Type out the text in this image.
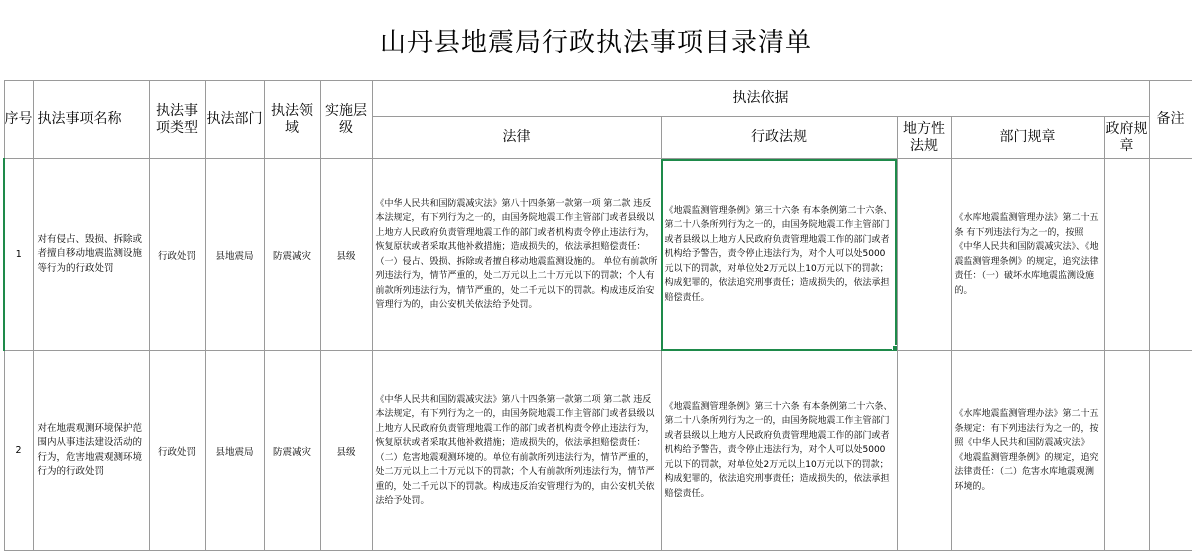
山丹县地震局行政执法事项目录清单
序号	执法事项名称	执法事项类型	执法部门	执法领域	实施层级	执法依据					备注
						法律	行政法规	地方性法规	部门规章	政府规章	
1	对有侵占、毁损、拆除或者擅自移动地震监测设施等行为的行政处罚	行政处罚	县地震局	防震减灾	县级	《中华人民共和国防震减灾法》第八十四条第一款第一项 第二款 违反本法规定，有下列行为之一的，由国务院地震工作主管部门或者县级以上地方人民政府负责管理地震工作的部门或者机构责令停止违法行为，恢复原状或者采取其他补救措施；造成损失的，依法承担赔偿责任：（一）侵占、毁损、拆除或者擅自移动地震监测设施的。 单位有前款所列违法行为，情节严重的，处二万元以上二十万元以下的罚款；个人有前款所列违法行为，情节严重的，处二千元以下的罚款。构成违反治安管理行为的，由公安机关依法给予处罚。	《地震监测管理条例》第三十六条 有本条例第二十六条、第二十八条所列行为之一的，由国务院地震工作主管部门或者县级以上地方人民政府负责管理地震工作的部门或者机构给予警告，责令停止违法行为，对个人可以处5000元以下的罚款，对单位处2万元以上10万元以下的罚款；构成犯罪的，依法追究刑事责任；造成损失的，依法承担赔偿责任。		《水库地震监测管理办法》第二十五条 有下列违法行为之一的，按照《中华人民共和国防震减灾法》、《地震监测管理条例》的规定，追究法律责任：（一）破坏水库地震监测设施的。		

2	对在地震观测环境保护范围内从事违法建设活动的行为，危害地震观测环境行为的行政处罚	行政处罚	县地震局	防震减灾	县级	《中华人民共和国防震减灾法》第八十四条第一款第二项 第二款 违反本法规定，有下列行为之一的，由国务院地震工作主管部门或者县级以上地方人民政府负责管理地震工作的部门或者机构责令停止违法行为，恢复原状或者采取其他补救措施；造成损失的，依法承担赔偿责任：（二）危害地震观测环境的。单位有前款所列违法行为，情节严重的，处二万元以上二十万元以下的罚款；个人有前款所列违法行为，情节严重的，处二千元以下的罚款。构成违反治安管理行为的，由公安机关依法给予处罚。	《地震监测管理条例》第三十六条 有本条例第二十六条、第二十八条所列行为之一的，由国务院地震工作主管部门或者县级以上地方人民政府负责管理地震工作的部门或者机构给予警告，责令停止违法行为，对个人可以处5000元以下的罚款，对单位处2万元以上10万元以下的罚款；构成犯罪的，依法追究刑事责任；造成损失的，依法承担赔偿责任。		《水库地震监测管理办法》第二十五条规定：有下列违法行为之一的，按照《中华人民共和国防震减灾法》《地震监测管理条例》的规定，追究法律责任：（二）危害水库地震观测环境的。		
